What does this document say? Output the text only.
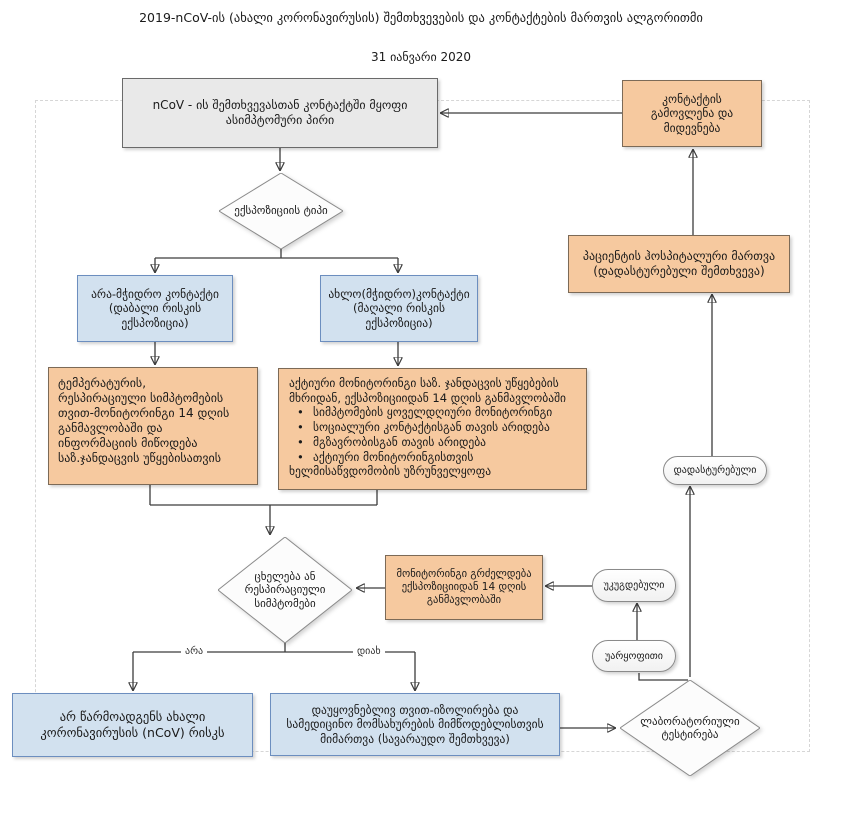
2019-nCoV-ის (ახალი კორონავირუსის) შემთხვევების და კონტაქტების მართვის ალგორითმი
31 იანვარი 2020
nCoV - ის შემთხვევასთან კონტაქტში მყოფი ასიმპტომური პირი
კონტაქტის გამოვლენა და მიდევნება
ექსპოზიციის ტიპი
არა-მჭიდრო კონტაქტი (დაბალი რისკის ექსპოზიცია)
ახლო(მჭიდრო)კონტაქტი (მაღალი რისკის ექსპოზიცია)
ტემპერატურის, რესპირაციული სიმპტომების თვით-მონიტორინგი 14 დღის განმავლობაში და ინფორმაციის მიწოდება საზ.ჯანდაცვის უწყებისათვის
აქტიური მონიტორინგი საზ. ჯანდაცვის უწყებების მხრიდან, ექსპოზიციიდან 14 დღის განმავლობაში
• სიმპტომების ყოველდღიური მონიტორინგი
• სოციალური კონტაქტისგან თავის არიდება
• მგზავრობისგან თავის არიდება
• აქტიური მონიტორინგისთვის ხელმისაწვდომობის უზრუნველყოფა
ცხელება ან რესპირაციული სიმპტომები
მონიტორინგი გრძელდება ექსპოზიციიდან 14 დღის განმავლობაში
უკუგდებული
უარყოფითი
დადასტურებული
პაციენტის ჰოსპიტალური მართვა (დადასტურებული შემთხვევა)
არ წარმოადგენს ახალი კორონავირუსის (nCoV) რისკს
დაუყოვნებლივ თვით-იზოლირება და სამედიცინო მომსახურების მიმწოდებლისთვის მიმართვა (სავარაუდო შემთხვევა)
ლაბორატორიული ტესტირება
არა	დიახ
